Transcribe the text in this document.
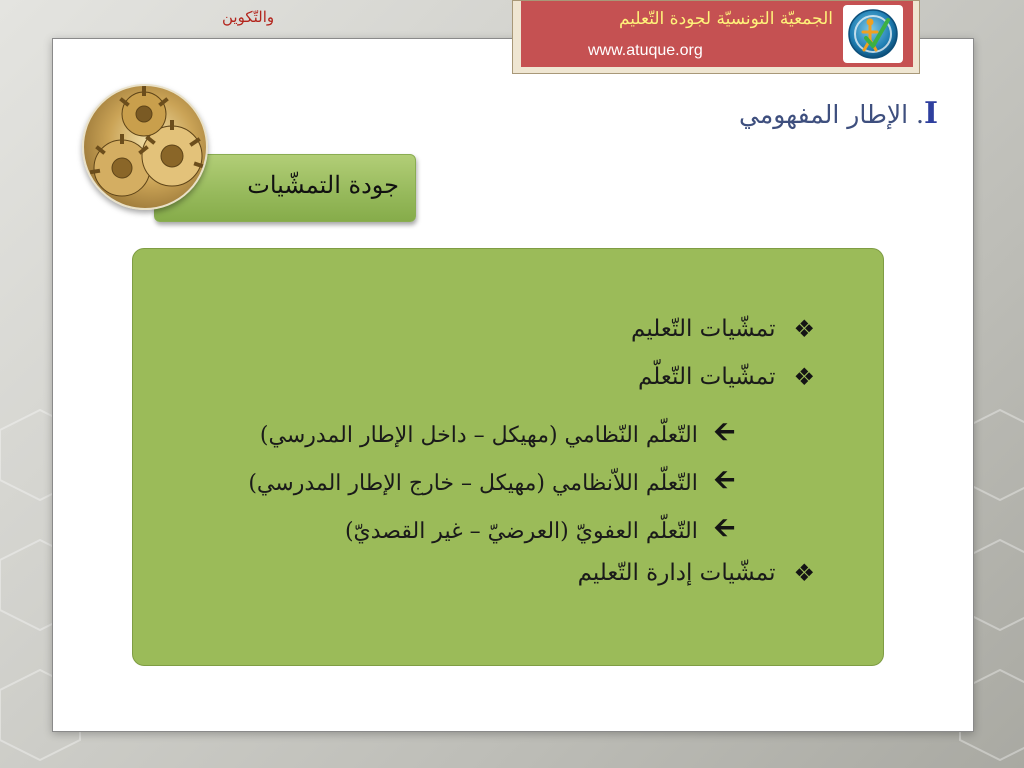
والتّكوين	الجمعيّة التونسيّة لجودة التّعليم
www.atuque.org
I. الإطار المفهومي
جودة التمشّيات
❖
تمشّيات التّعليم
❖
تمشّيات التّعلّم
🡨
التّعلّم النّظامي (مهيكل – داخل الإطار المدرسي)
🡨
التّعلّم اللاّنظامي (مهيكل – خارج الإطار المدرسي)
🡨
التّعلّم العفويّ (العرضيّ – غير القصديّ)
❖
تمشّيات إدارة التّعليم
